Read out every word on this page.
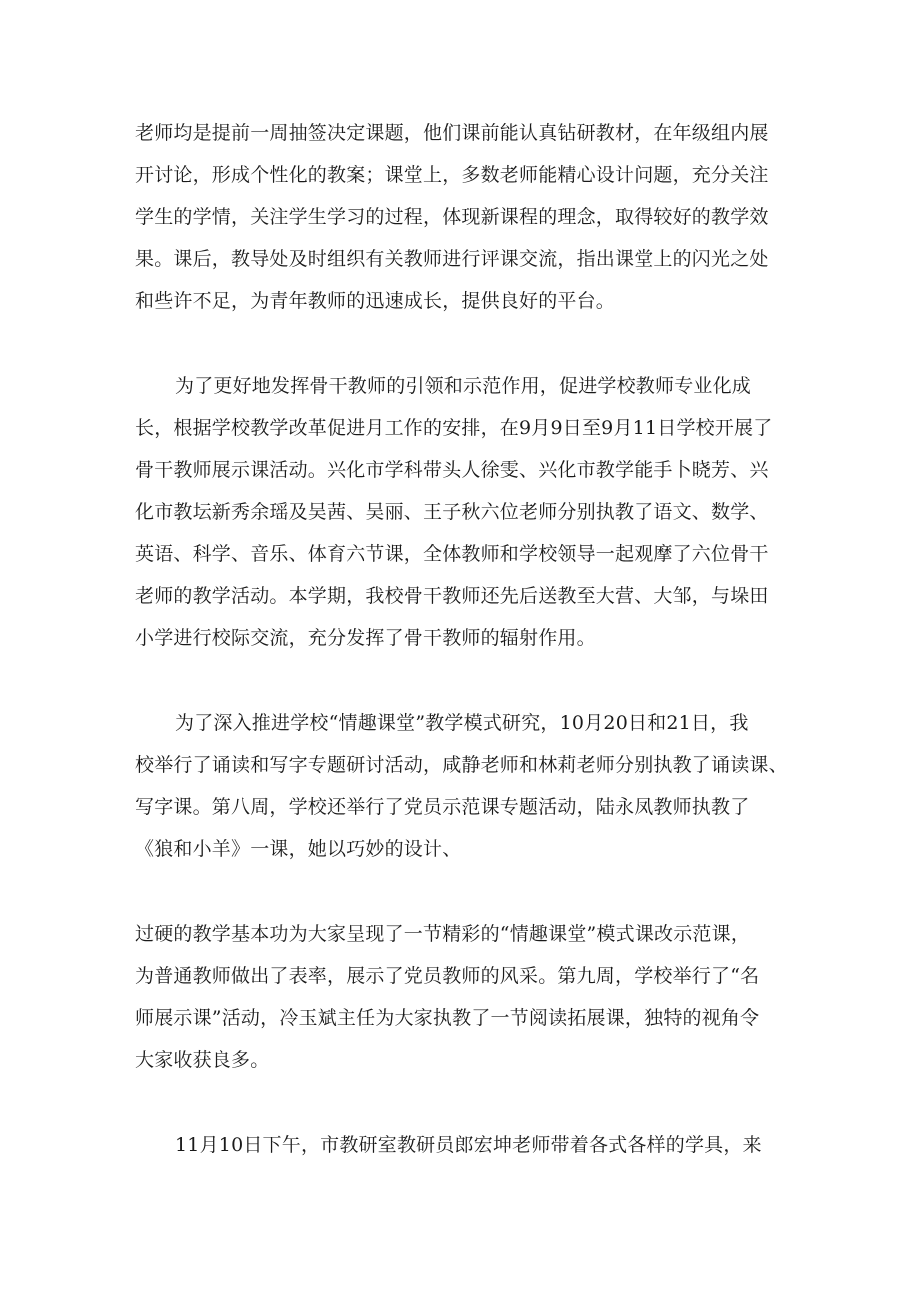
老师均是提前一周抽签决定课题，他们课前能认真钻研教材，在年级组内展
开讨论，形成个性化的教案；课堂上，多数老师能精心设计问题，充分关注
学生的学情，关注学生学习的过程，体现新课程的理念，取得较好的教学效
果。课后，教导处及时组织有关教师进行评课交流，指出课堂上的闪光之处
和些许不足，为青年教师的迅速成长，提供良好的平台。
为了更好地发挥骨干教师的引领和示范作用，促进学校教师专业化成
长，根据学校教学改革促进月工作的安排，在9月9日至9月11日学校开展了
骨干教师展示课活动。兴化市学科带头人徐雯、兴化市教学能手卜晓芳、兴
化市教坛新秀余瑶及吴茜、吴丽、王子秋六位老师分别执教了语文、数学、
英语、科学、音乐、体育六节课，全体教师和学校领导一起观摩了六位骨干
老师的教学活动。本学期，我校骨干教师还先后送教至大营、大邹，与垛田
小学进行校际交流，充分发挥了骨干教师的辐射作用。
为了深入推进学校“情趣课堂”教学模式研究，10月20日和21日，我
校举行了诵读和写字专题研讨活动，咸静老师和林莉老师分别执教了诵读课、
写字课。第八周，学校还举行了党员示范课专题活动，陆永凤教师执教了
《狼和小羊》一课，她以巧妙的设计、
过硬的教学基本功为大家呈现了一节精彩的“情趣课堂”模式课改示范课，
为普通教师做出了表率，展示了党员教师的风采。第九周，学校举行了“名
师展示课”活动，冷玉斌主任为大家执教了一节阅读拓展课，独特的视角令
大家收获良多。
11月10日下午，市教研室教研员郎宏坤老师带着各式各样的学具，来
